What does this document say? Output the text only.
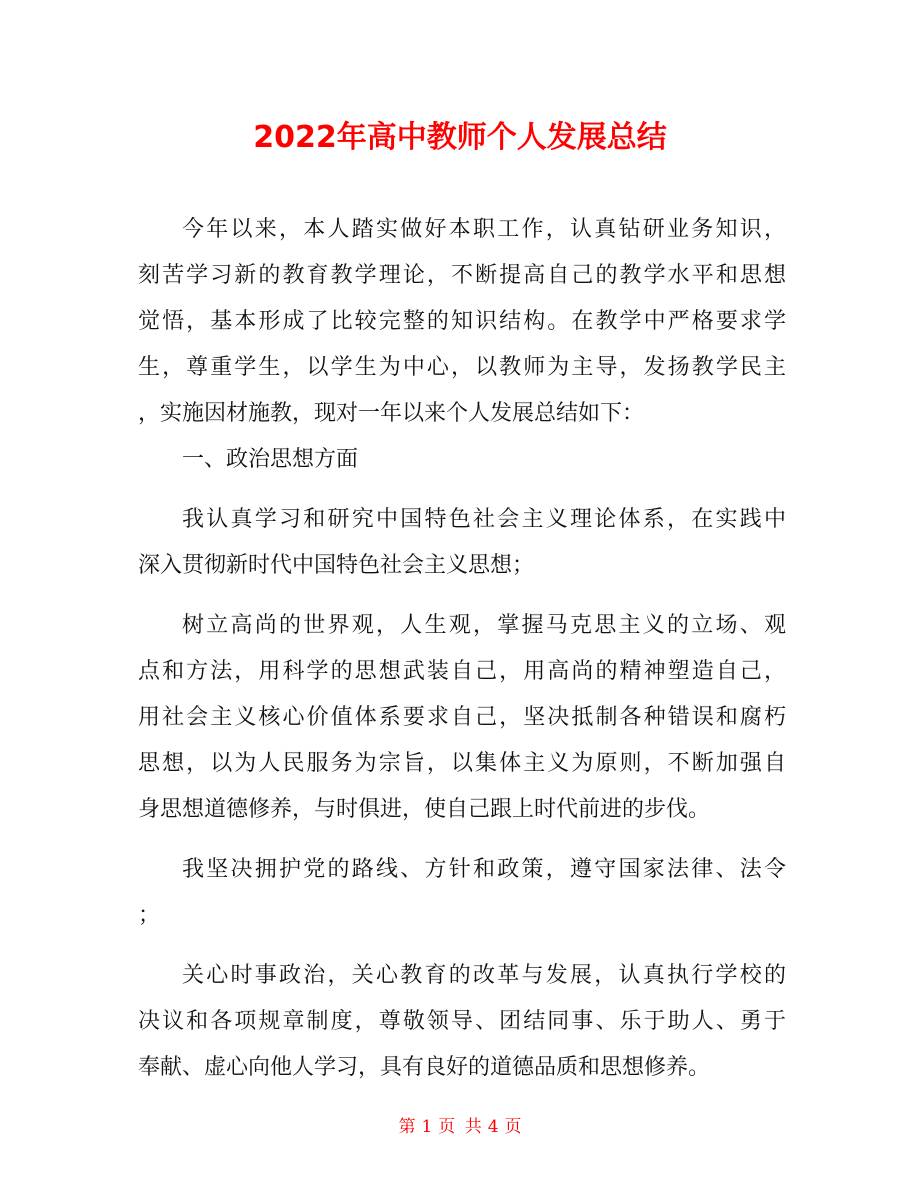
2022年高中教师个人发展总结
今年以来，本人踏实做好本职工作，认真钻研业务知识，
刻苦学习新的教育教学理论，不断提高自己的教学水平和思想
觉悟，基本形成了比较完整的知识结构。在教学中严格要求学
生，尊重学生，以学生为中心，以教师为主导，发扬教学民主
，实施因材施教，现对一年以来个人发展总结如下：
一、政治思想方面
我认真学习和研究中国特色社会主义理论体系，在实践中
深入贯彻新时代中国特色社会主义思想；
树立高尚的世界观，人生观，掌握马克思主义的立场、观
点和方法，用科学的思想武装自己，用高尚的精神塑造自己，
用社会主义核心价值体系要求自己，坚决抵制各种错误和腐朽
思想，以为人民服务为宗旨，以集体主义为原则，不断加强自
身思想道德修养，与时俱进，使自己跟上时代前进的步伐。
我坚决拥护党的路线、方针和政策，遵守国家法律、法令
；
关心时事政治，关心教育的改革与发展，认真执行学校的
决议和各项规章制度，尊敬领导、团结同事、乐于助人、勇于
奉献、虚心向他人学习，具有良好的道德品质和思想修养。
第 1 页 共 4 页
